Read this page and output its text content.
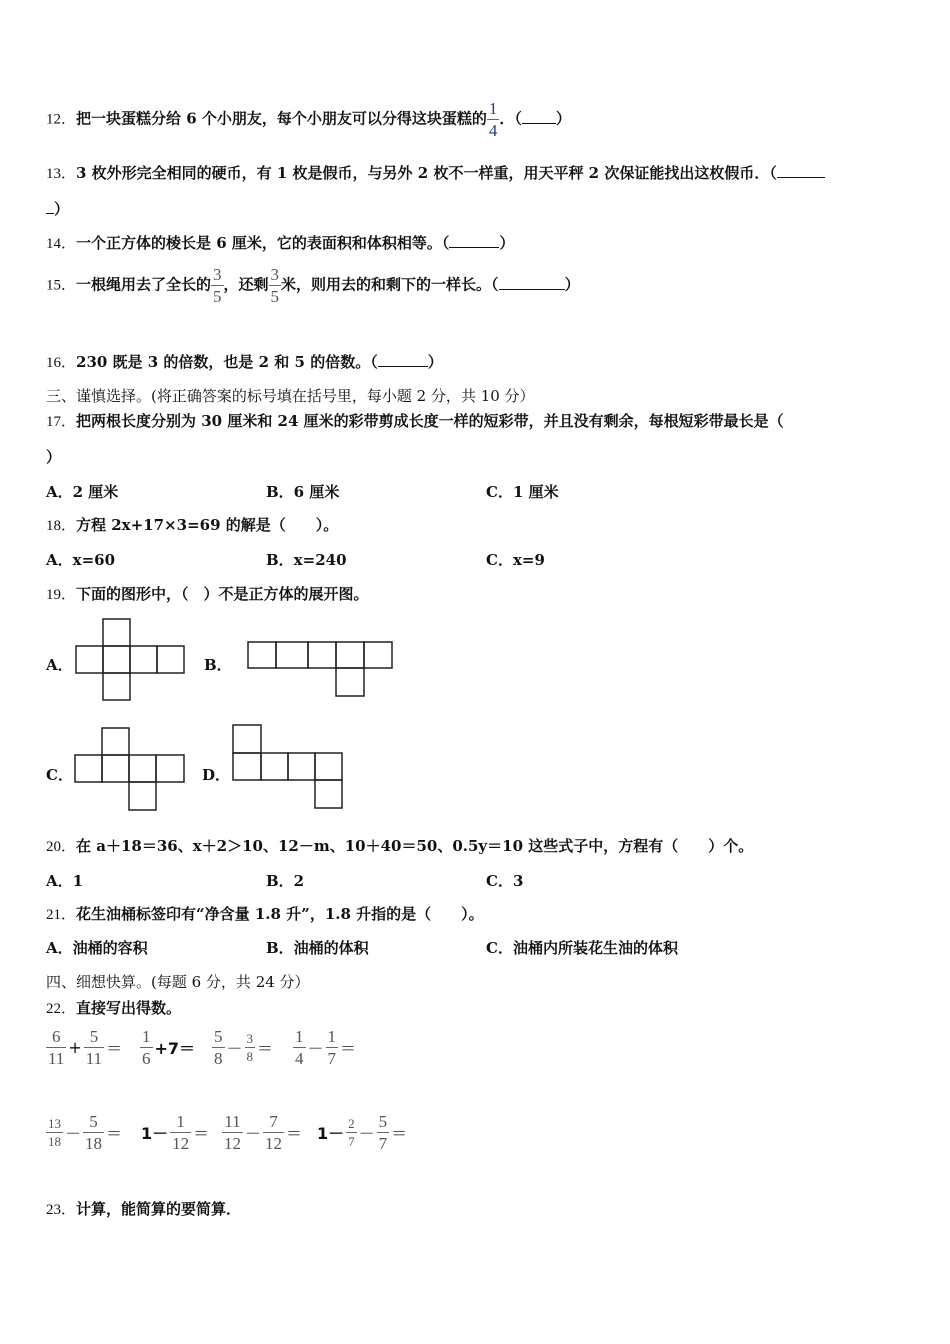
12．把一块蛋糕分给 6 个小朋友，每个小朋友可以分得这块蛋糕的 $\frac{1}{4}$ ．（ ）
13．3 枚外形完全相同的硬币，有 1 枚是假币，与另外 2 枚不一样重，用天平秤 2 次保证能找出这枚假币．（
）
14．一个正方体的棱长是 6 厘米，它的表面积和体积相等。（	）
15．一根绳用去了全长的 $\frac{3}{5}$ ，还剩 $\frac{3}{5}$ 米，则用去的和剩下的一样长。（	）
16．230 既是 3 的倍数，也是 2 和 5 的倍数。（	）
三、谨慎选择。(将正确答案的标号填在括号里，每小题 2 分，共 10 分）
17．把两根长度分别为 30 厘米和 24 厘米的彩带剪成长度一样的短彩带，并且没有剩余，每根短彩带最长是（
）
A．2 厘米	B．6 厘米	C．1 厘米
18．方程 2x+17×3=69 的解是（　　）。
A．x=60	B．x=240	C．x=9
19．下面的图形中，（　）不是正方体的展开图。
A．	B．
C．	D．
20．在 a＋18＝36、x＋2＞10、12－m、10＋40＝50、0.5y＝10 这些式子中，方程有（　　）个。
A．1	B．2	C．3
21．花生油桶标签印有“净含量 1.8 升”，1.8 升指的是（　　）。
A．油桶的容积	B．油桶的体积	C．油桶内所装花生油的体积
四、细想快算。(每题 6 分，共 24 分）
22．直接写出得数。
$\frac{6}{11} + \frac{5}{11} = \frac{1}{6} +7= \frac{5}{8} - \frac{3}{8} = \frac{1}{4} - \frac{1}{7}$ ＝
$\frac{13}{18} - \frac{5}{18} = 1- \frac{1}{12} = \frac{11}{12} - \frac{7}{12} = 1- \frac{2}{7} - \frac{5}{7}$ ＝
23．计算，能简算的要简算．
